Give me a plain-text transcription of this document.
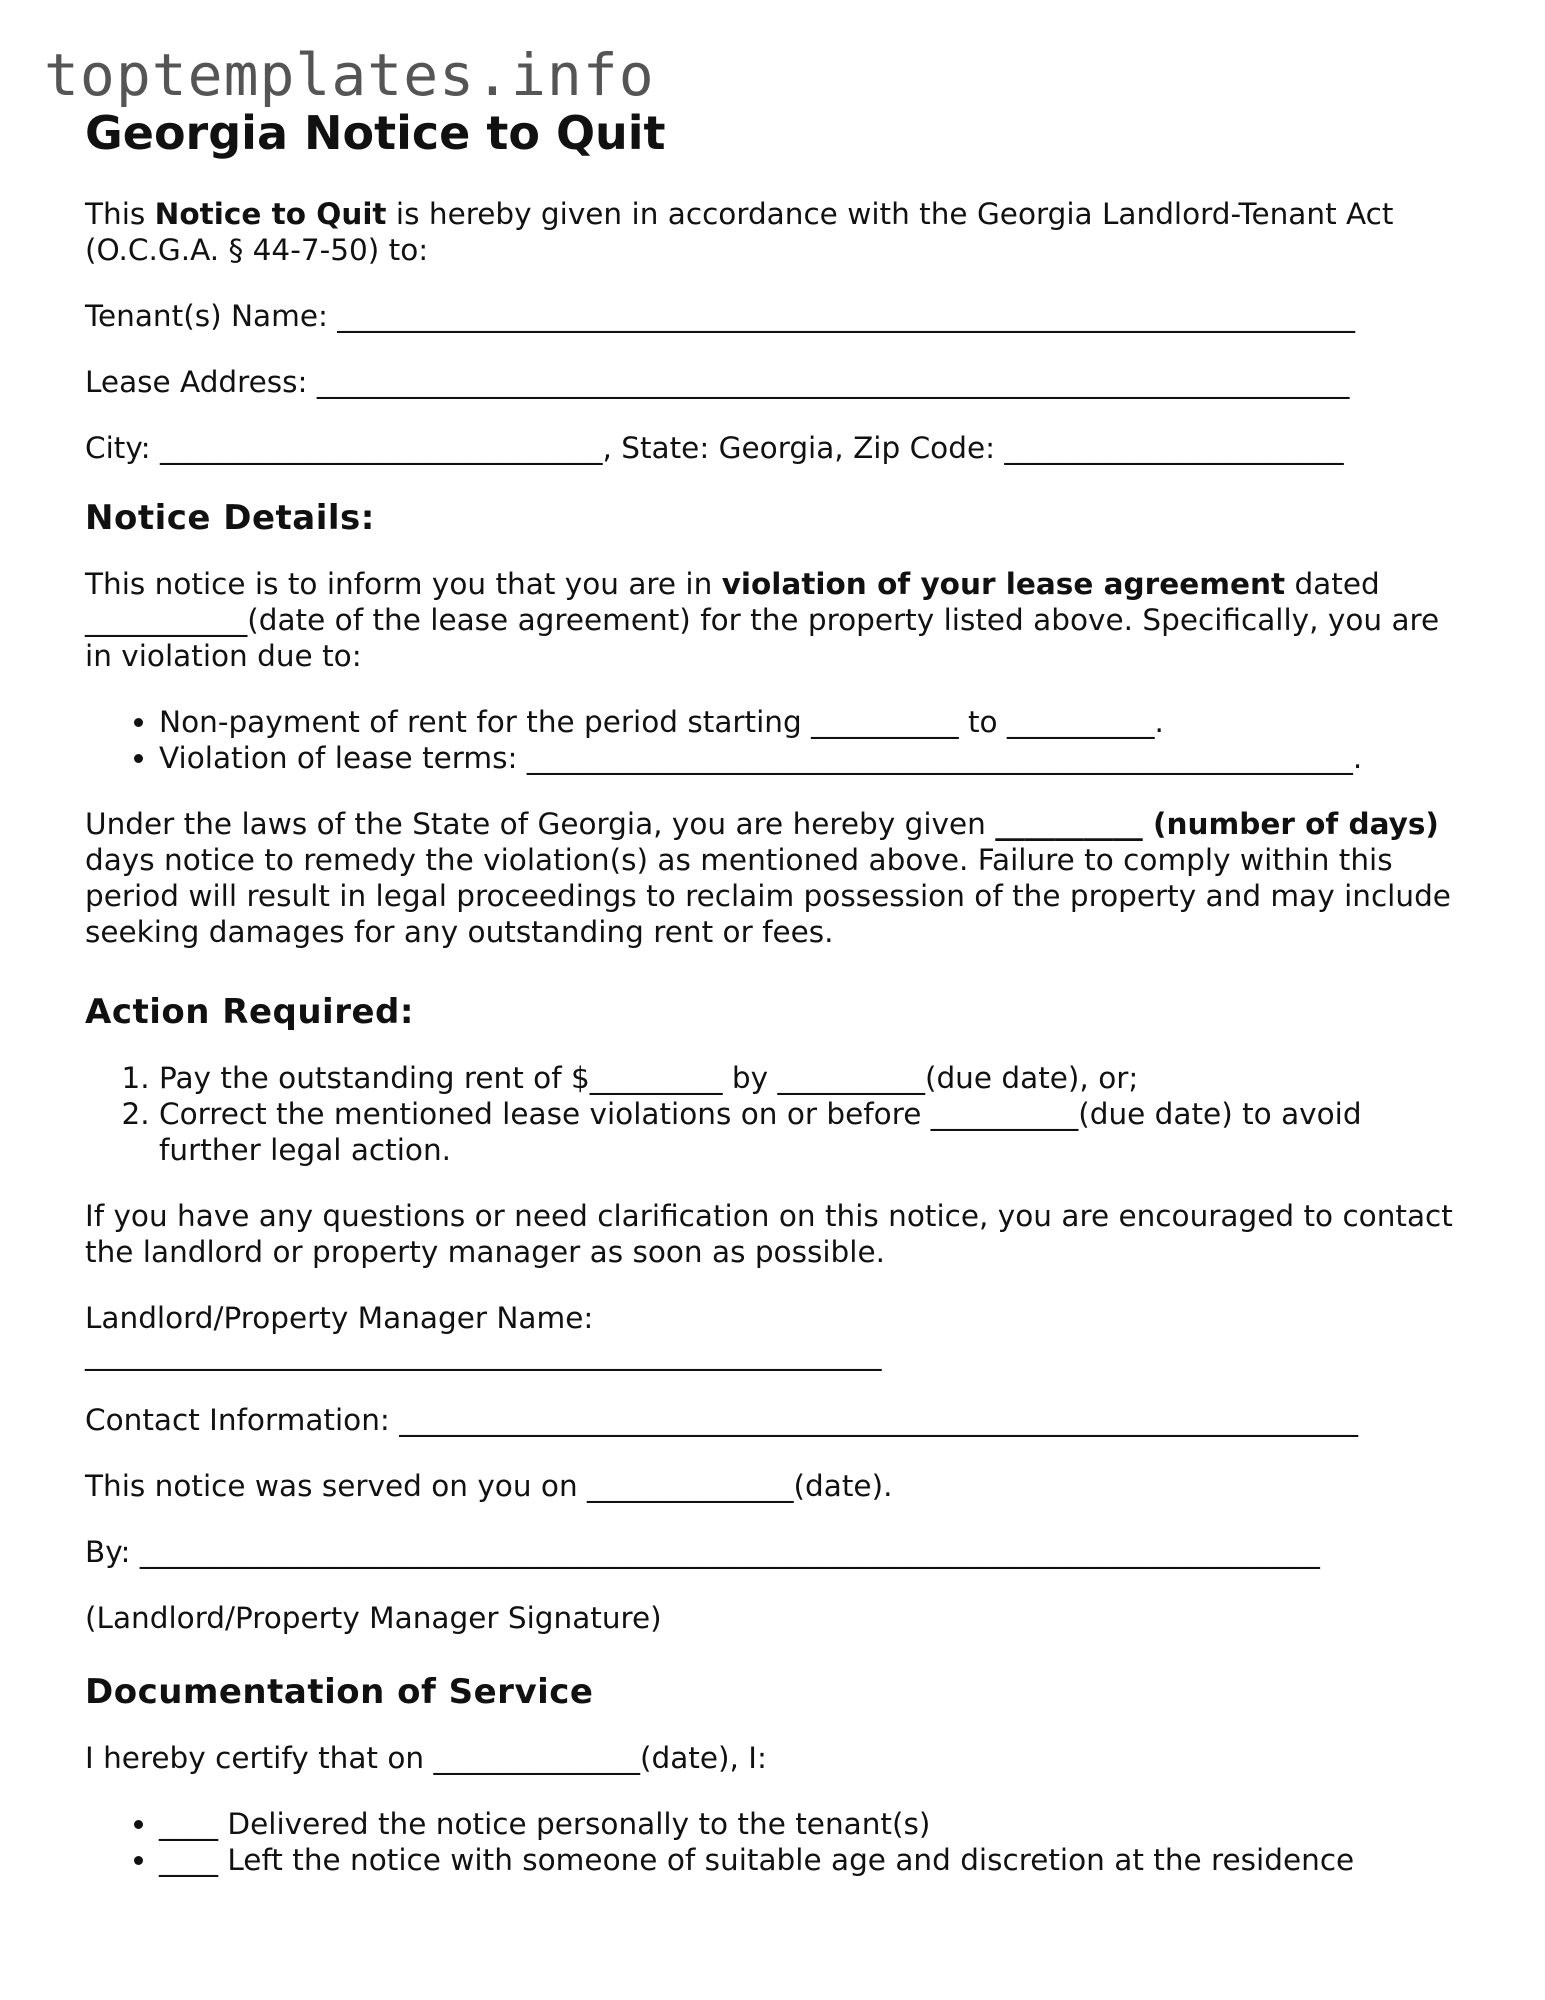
toptemplates.info
Georgia Notice to Quit

This Notice to Quit is hereby given in accordance with the Georgia Landlord-Tenant Act (O.C.G.A. § 44-7-50) to:

Tenant(s) Name: _____________________________________________________________________
Lease Address: ______________________________________________________________________
City: ______________________________, State: Georgia, Zip Code: _______________________
Notice Details:

This notice is to inform you that you are in violation of your lease agreement dated ___________(date of the lease agreement) for the property listed above. Specifically, you are in violation due to:

• Non-payment of rent for the period starting __________ to __________.
• Violation of lease terms: ________________________________________________________.

Under the laws of the State of Georgia, you are hereby given __________ (number of days) days notice to remedy the violation(s) as mentioned above. Failure to comply within this period will result in legal proceedings to reclaim possession of the property and may include seeking damages for any outstanding rent or fees.

Action Required:
1. Pay the outstanding rent of $_________ by __________(due date), or;
2. Correct the mentioned lease violations on or before __________(due date) to avoid further legal action.

If you have any questions or need clarification on this notice, you are encouraged to contact the landlord or property manager as soon as possible.

Landlord/Property Manager Name:
______________________________________________________

Contact Information: _________________________________________________________________
This notice was served on you on ______________(date).
By: ________________________________________________________________________________
(Landlord/Property Manager Signature)
Documentation of Service
I hereby certify that on ______________(date), I:
• ____ Delivered the notice personally to the tenant(s)
• ____ Left the notice with someone of suitable age and discretion at the residence
